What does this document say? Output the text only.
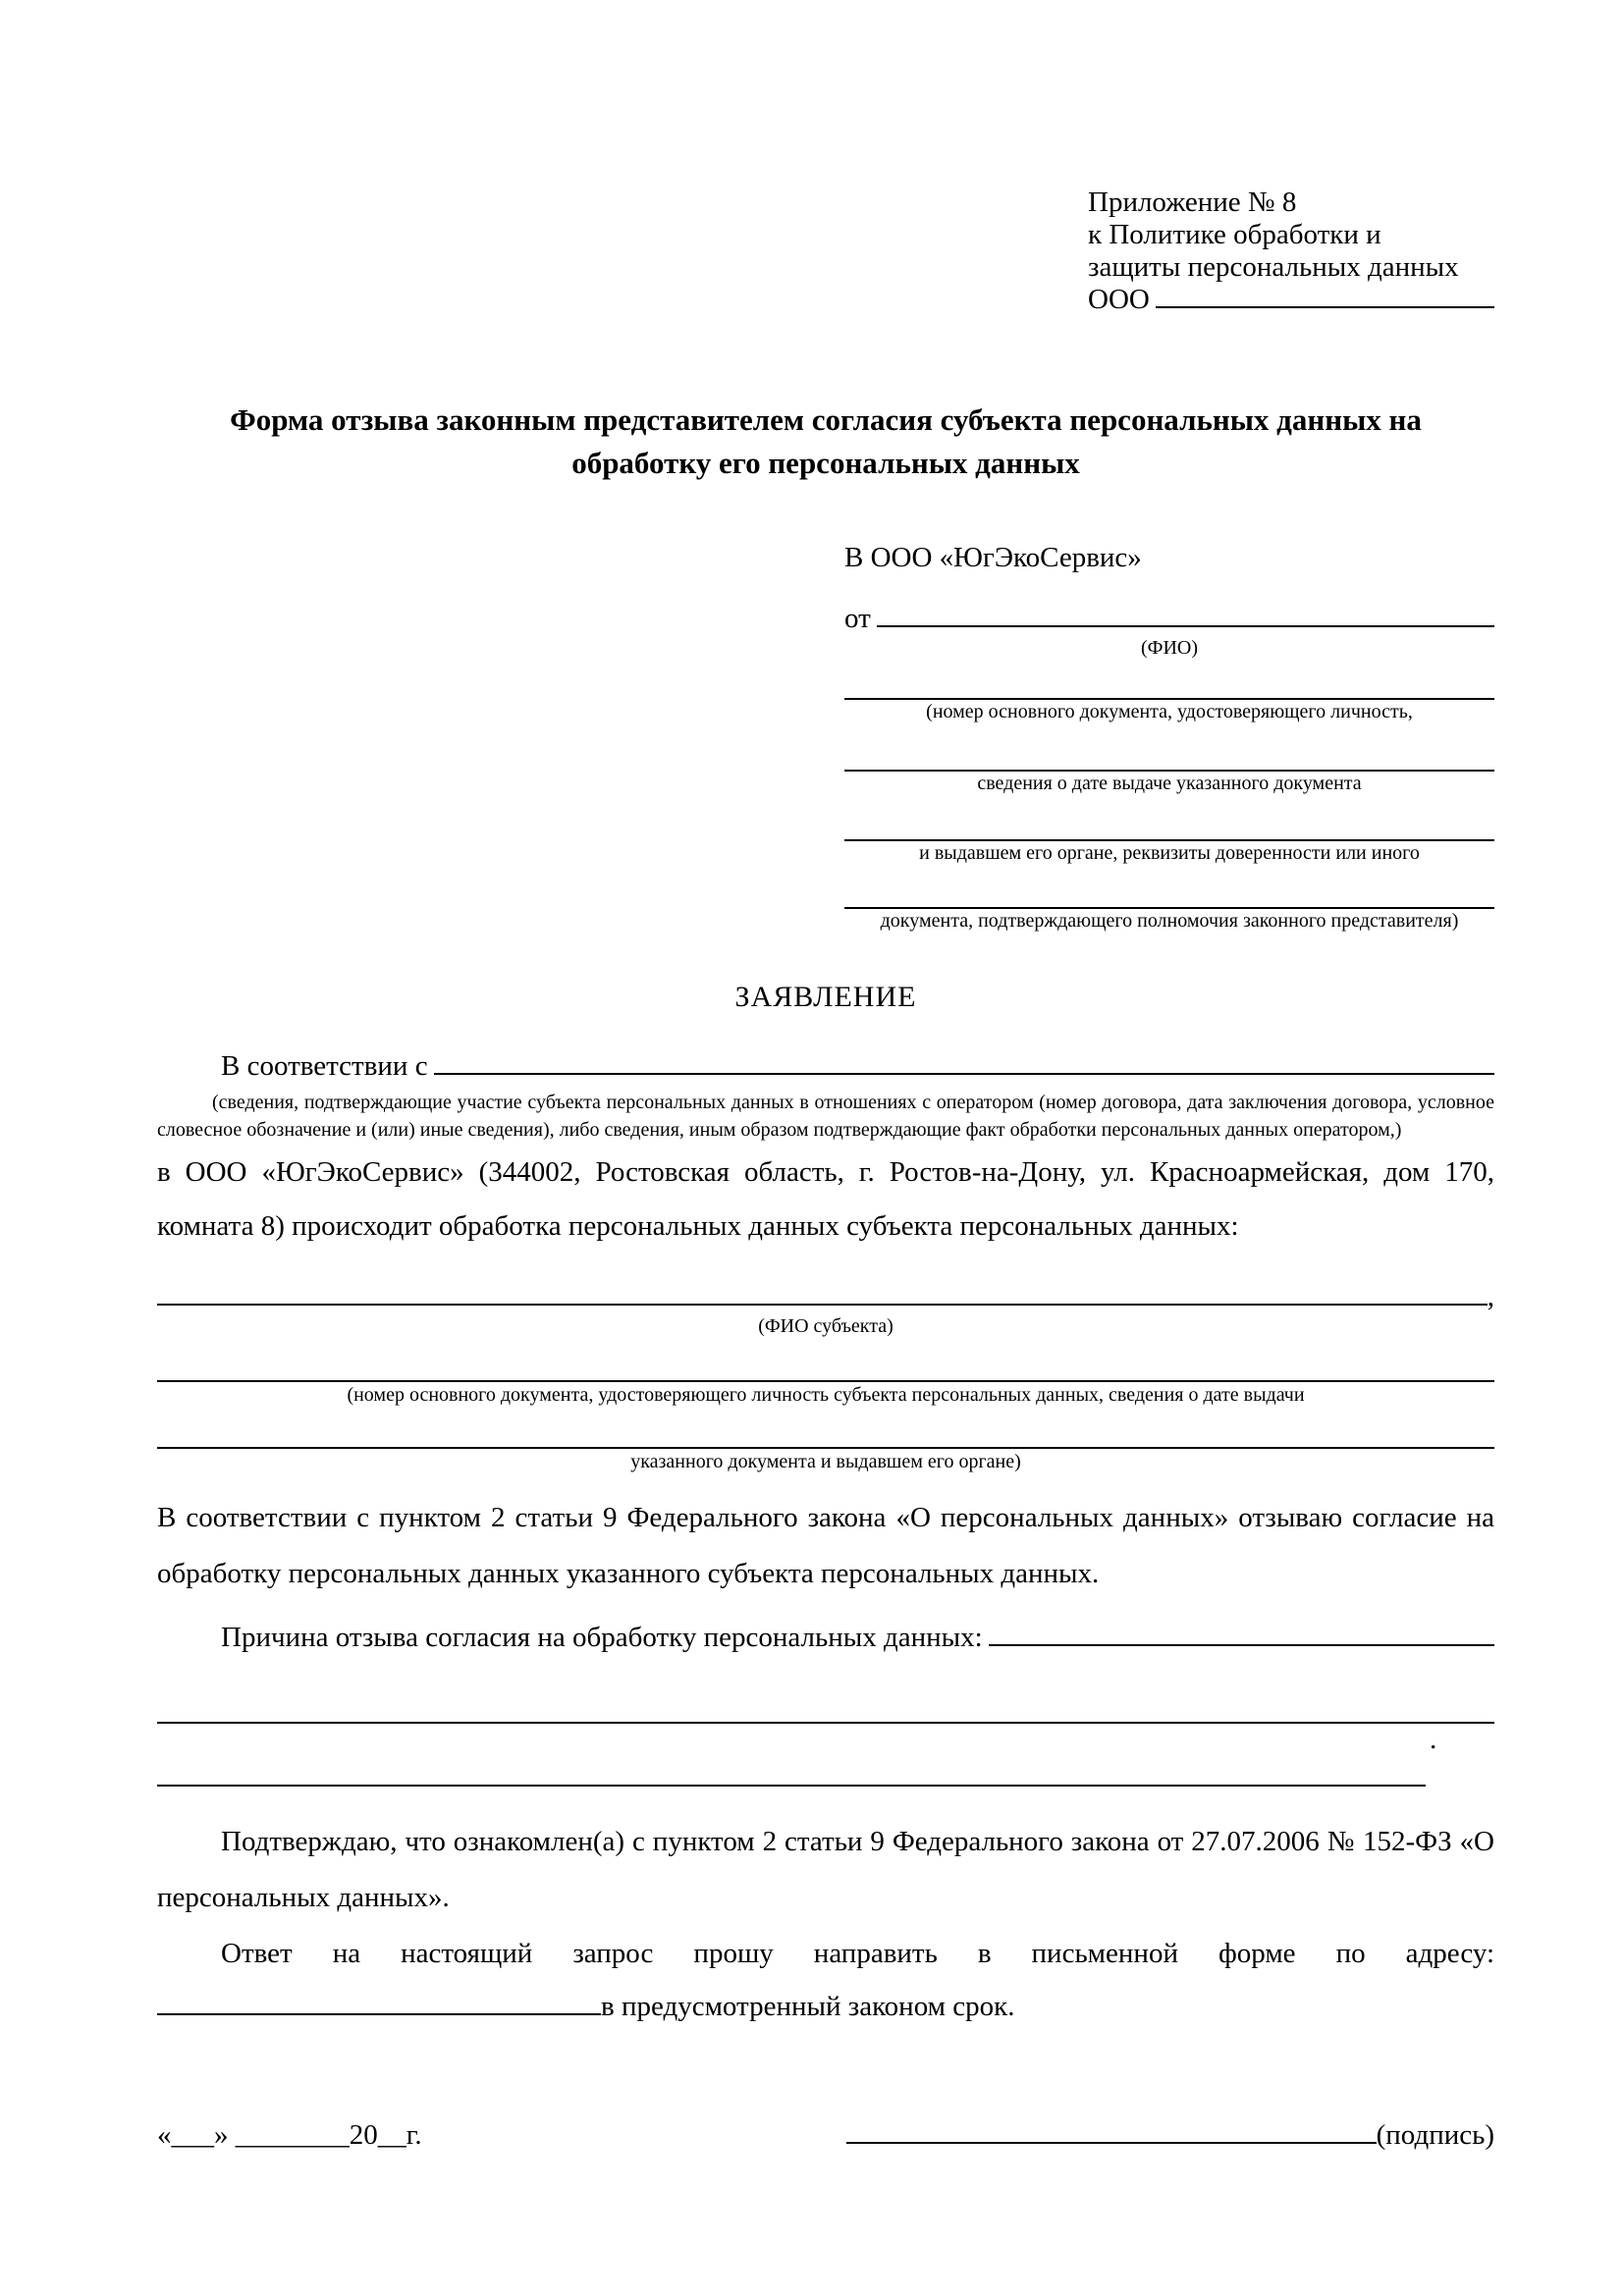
Приложение № 8
к Политике обработки и
защиты персональных данных
ООО
Форма отзыва законным представителем согласия субъекта персональных данных на обработку его персональных данных
В ООО «ЮгЭкоСервис»
от
(ФИО)
(номер основного документа, удостоверяющего личность,
сведения о дате выдаче указанного документа
и выдавшем его органе, реквизиты доверенности или иного
документа, подтверждающего полномочия законного представителя)
ЗАЯВЛЕНИЕ
В соответствии с
(сведения, подтверждающие участие субъекта персональных данных в отношениях с оператором (номер договора, дата заключения договора, условное словесное обозначение и (или) иные сведения), либо сведения, иным образом подтверждающие факт обработки персональных данных оператором,)
в ООО «ЮгЭкоСервис» (344002, Ростовская область, г. Ростов-на-Дону, ул. Красноармейская, дом 170, комната 8) происходит обработка персональных данных субъекта персональных данных:
,
(ФИО субъекта)
(номер основного документа, удостоверяющего личность субъекта персональных данных, сведения о дате выдачи
указанного документа и выдавшем его органе)
В соответствии с пунктом 2 статьи 9 Федерального закона «О персональных данных» отзываю согласие на обработку персональных данных указанного субъекта персональных данных.
Причина отзыва согласия на обработку персональных данных:
.
Подтверждаю, что ознакомлен(а) с пунктом 2 статьи 9 Федерального закона от 27.07.2006 № 152-ФЗ «О персональных данных».
Ответ на настоящий запрос прошу направить в письменной форме по адресу:
в предусмотренный законом срок.
«___» ________20__г.	(подпись)
